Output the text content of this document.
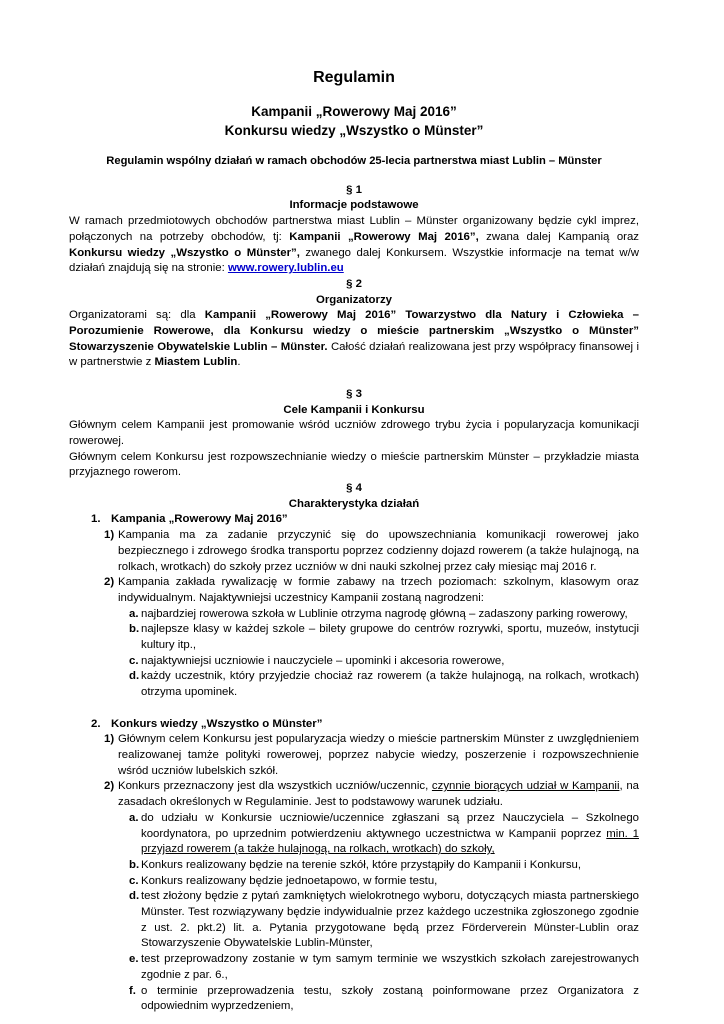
Regulamin
Kampanii „Rowerowy Maj 2016”
Konkursu wiedzy „Wszystko o Münster”
Regulamin wspólny działań w ramach obchodów 25-lecia partnerstwa miast Lublin – Münster
§ 1
Informacje podstawowe

W ramach przedmiotowych obchodów partnerstwa miast Lublin – Münster organizowany będzie cykl imprez, połączonych na potrzeby obchodów, tj: Kampanii „Rowerowy Maj 2016”, zwana dalej Kampanią oraz Konkursu wiedzy „Wszystko o Münster”, zwanego dalej Konkursem. Wszystkie informacje na temat w/w działań znajdują się na stronie: www.rowery.lublin.eu

§ 2
Organizatorzy

Organizatorami są: dla Kampanii „Rowerowy Maj 2016” Towarzystwo dla Natury i Człowieka – Porozumienie Rowerowe, dla Konkursu wiedzy o mieście partnerskim „Wszystko o Münster” Stowarzyszenie Obywatelskie Lublin – Münster. Całość działań realizowana jest przy współpracy finansowej i w partnerstwie z Miastem Lublin.

§ 3
Cele Kampanii i Konkursu

Głównym celem Kampanii jest promowanie wśród uczniów zdrowego trybu życia i popularyzacja komunikacji rowerowej.

Głównym celem Konkursu jest rozpowszechnianie wiedzy o mieście partnerskim Münster – przykładzie miasta przyjaznego rowerom.

§ 4
Charakterystyka działań
1. Kampania „Rowerowy Maj 2016”
1) Kampania ma za zadanie przyczynić się do upowszechniania komunikacji rowerowej jako bezpiecznego i zdrowego środka transportu poprzez codzienny dojazd rowerem (a także hulajnogą, na rolkach, wrotkach) do szkoły przez uczniów w dni nauki szkolnej przez cały miesiąc maj 2016 r.
2) Kampania zakłada rywalizację w formie zabawy na trzech poziomach: szkolnym, klasowym oraz indywidualnym. Najaktywniejsi uczestnicy Kampanii zostaną nagrodzeni:
a. najbardziej rowerowa szkoła w Lublinie otrzyma nagrodę główną – zadaszony parking rowerowy,
b. najlepsze klasy w każdej szkole – bilety grupowe do centrów rozrywki, sportu, muzeów, instytucji kultury itp.,
c. najaktywniejsi uczniowie i nauczyciele – upominki i akcesoria rowerowe,
d. każdy uczestnik, który przyjedzie chociaż raz rowerem (a także hulajnogą, na rolkach, wrotkach) otrzyma upominek.
2. Konkurs wiedzy „Wszystko o Münster”
1) Głównym celem Konkursu jest popularyzacja wiedzy o mieście partnerskim Münster z uwzględnieniem realizowanej tamże polityki rowerowej, poprzez nabycie wiedzy, poszerzenie i rozpowszechnienie wśród uczniów lubelskich szkół.
2) Konkurs przeznaczony jest dla wszystkich uczniów/uczennic, czynnie biorących udział w Kampanii, na zasadach określonych w Regulaminie. Jest to podstawowy warunek udziału.
a. do udziału w Konkursie uczniowie/uczennice zgłaszani są przez Nauczyciela – Szkolnego koordynatora, po uprzednim potwierdzeniu aktywnego uczestnictwa w Kampanii poprzez min. 1 przyjazd rowerem (a także hulajnogą, na rolkach, wrotkach) do szkoły,
b. Konkurs realizowany będzie na terenie szkół, które przystąpiły do Kampanii i Konkursu,
c. Konkurs realizowany będzie jednoetapowo, w formie testu,
d. test złożony będzie z pytań zamkniętych wielokrotnego wyboru, dotyczących miasta partnerskiego Münster. Test rozwiązywany będzie indywidualnie przez każdego uczestnika zgłoszonego zgodnie z ust. 2. pkt.2) lit. a. Pytania przygotowane będą przez Förderverein Münster-Lublin oraz Stowarzyszenie Obywatelskie Lublin-Münster,
e. test przeprowadzony zostanie w tym samym terminie we wszystkich szkołach zarejestrowanych zgodnie z par. 6.,
f. o terminie przeprowadzenia testu, szkoły zostaną poinformowane przez Organizatora z odpowiednim wyprzedzeniem,
